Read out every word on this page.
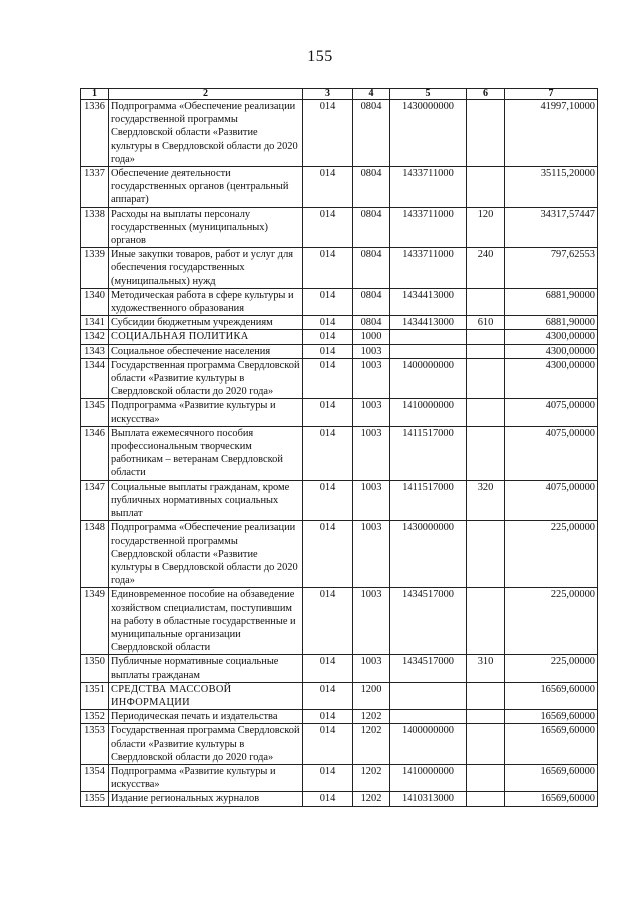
155
1	2	3	4	5	6	7
1336	Подпрограмма «Обеспечение реализации государственной программы Свердловской области «Развитие культуры в Свердловской области до 2020 года»	014	0804	1430000000		41997,10000
1337	Обеспечение деятельности государственных органов (центральный аппарат)	014	0804	1433711000		35115,20000
1338	Расходы на выплаты персоналу государственных (муниципальных) органов	014	0804	1433711000	120	34317,57447
1339	Иные закупки товаров, работ и услуг для обеспечения государственных (муниципальных) нужд	014	0804	1433711000	240	797,62553
1340	Методическая работа в сфере культуры и художественного образования	014	0804	1434413000		6881,90000
1341	Субсидии бюджетным учреждениям	014	0804	1434413000	610	6881,90000
1342	СОЦИАЛЬНАЯ ПОЛИТИКА	014	1000			4300,00000
1343	Социальное обеспечение населения	014	1003			4300,00000
1344	Государственная программа Свердловской области «Развитие культуры в Свердловской области до 2020 года»	014	1003	1400000000		4300,00000
1345	Подпрограмма «Развитие культуры и искусства»	014	1003	1410000000		4075,00000
1346	Выплата ежемесячного пособия профессиональным творческим работникам – ветеранам Свердловской области	014	1003	1411517000		4075,00000
1347	Социальные выплаты гражданам, кроме публичных нормативных социальных выплат	014	1003	1411517000	320	4075,00000
1348	Подпрограмма «Обеспечение реализации государственной программы Свердловской области «Развитие культуры в Свердловской области до 2020 года»	014	1003	1430000000		225,00000
1349	Единовременное пособие на обзаведение хозяйством специалистам, поступившим на работу в областные государственные и муниципальные организации Свердловской области	014	1003	1434517000		225,00000
1350	Публичные нормативные социальные выплаты гражданам	014	1003	1434517000	310	225,00000
1351	СРЕДСТВА МАССОВОЙ ИНФОРМАЦИИ	014	1200			16569,60000
1352	Периодическая печать и издательства	014	1202			16569,60000
1353	Государственная программа Свердловской области «Развитие культуры в Свердловской области до 2020 года»	014	1202	1400000000		16569,60000
1354	Подпрограмма «Развитие культуры и искусства»	014	1202	1410000000		16569,60000
1355	Издание региональных журналов	014	1202	1410313000		16569,60000
